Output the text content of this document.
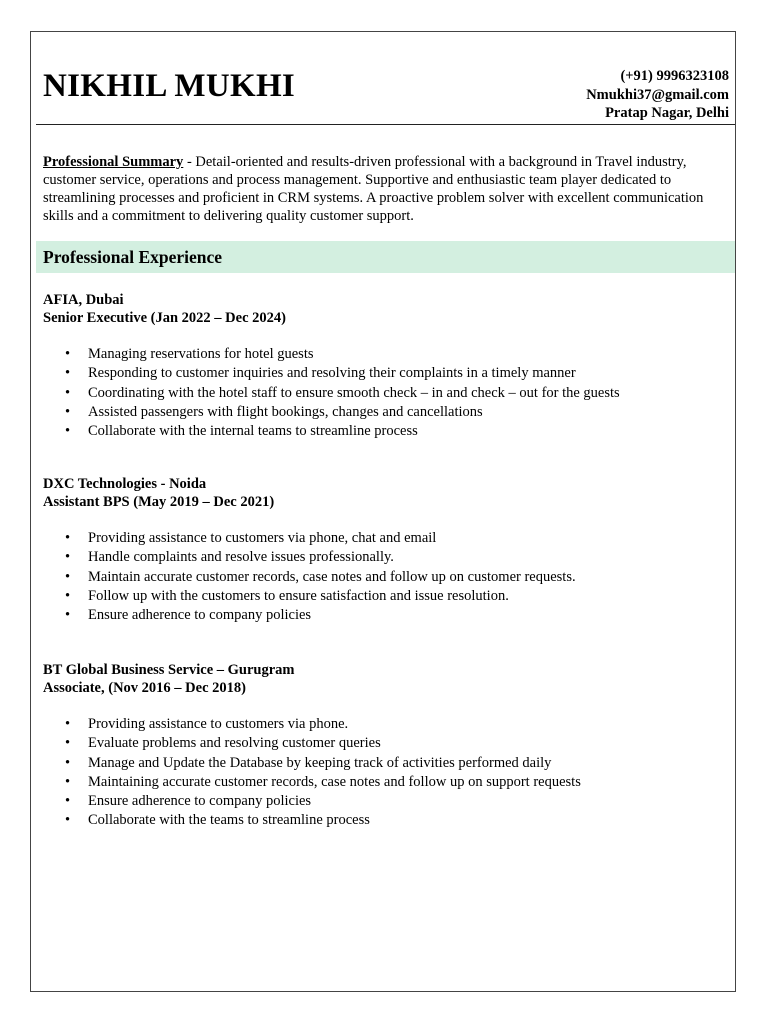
NIKHIL MUKHI	(+91) 9996323108
Nmukhi37@gmail.com
Pratap Nagar, Delhi
Professional Summary - Detail-oriented and results-driven professional with a background in Travel industry, customer service, operations and process management. Supportive and enthusiastic team player dedicated to streamlining processes and proficient in CRM systems. A proactive problem solver with excellent communication skills and a commitment to delivering quality customer support.
Professional Experience
AFIA, Dubai
Senior Executive (Jan 2022 – Dec 2024)
• Managing reservations for hotel guests
• Responding to customer inquiries and resolving their complaints in a timely manner
• Coordinating with the hotel staff to ensure smooth check – in and check – out for the guests
• Assisted passengers with flight bookings, changes and cancellations
• Collaborate with the internal teams to streamline process
DXC Technologies - Noida
Assistant BPS (May 2019 – Dec 2021)
• Providing assistance to customers via phone, chat and email
• Handle complaints and resolve issues professionally.
• Maintain accurate customer records, case notes and follow up on customer requests.
• Follow up with the customers to ensure satisfaction and issue resolution.
• Ensure adherence to company policies
BT Global Business Service – Gurugram
Associate, (Nov 2016 – Dec 2018)
• Providing assistance to customers via phone.
• Evaluate problems and resolving customer queries
• Manage and Update the Database by keeping track of activities performed daily
• Maintaining accurate customer records, case notes and follow up on support requests
• Ensure adherence to company policies
• Collaborate with the teams to streamline process
